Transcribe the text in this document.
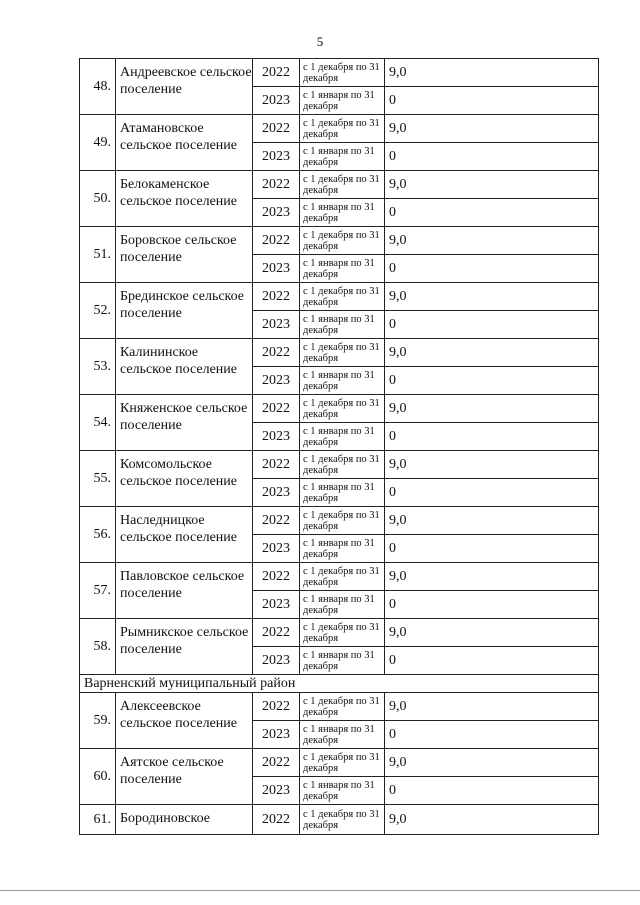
5
48.	Андреевское сельское поселение	2022	с 1 декабря по 31 декабря	9,0
		2023	с 1 января по 31 декабря	0
49.	Атамановское сельское поселение	2022	с 1 декабря по 31 декабря	9,0
		2023	с 1 января по 31 декабря	0
50.	Белокаменское сельское поселение	2022	с 1 декабря по 31 декабря	9,0
		2023	с 1 января по 31 декабря	0
51.	Боровское сельское поселение	2022	с 1 декабря по 31 декабря	9,0
		2023	с 1 января по 31 декабря	0
52.	Брединское сельское поселение	2022	с 1 декабря по 31 декабря	9,0
		2023	с 1 января по 31 декабря	0
53.	Калининское сельское поселение	2022	с 1 декабря по 31 декабря	9,0
		2023	с 1 января по 31 декабря	0
54.	Княженское сельское поселение	2022	с 1 декабря по 31 декабря	9,0
		2023	с 1 января по 31 декабря	0
55.	Комсомольское сельское поселение	2022	с 1 декабря по 31 декабря	9,0
		2023	с 1 января по 31 декабря	0
56.	Наследницкое сельское поселение	2022	с 1 декабря по 31 декабря	9,0
		2023	с 1 января по 31 декабря	0
57.	Павловское сельское поселение	2022	с 1 декабря по 31 декабря	9,0
		2023	с 1 января по 31 декабря	0
58.	Рымникское сельское поселение	2022	с 1 декабря по 31 декабря	9,0
		2023	с 1 января по 31 декабря	0
Варненский муниципальный район				
59.	Алексеевское сельское поселение	2022	с 1 декабря по 31 декабря	9,0
		2023	с 1 января по 31 декабря	0
60.	Аятское сельское поселение	2022	с 1 декабря по 31 декабря	9,0
		2023	с 1 января по 31 декабря	0
61.	Бородиновское	2022	с 1 декабря по 31 декабря	9,0
